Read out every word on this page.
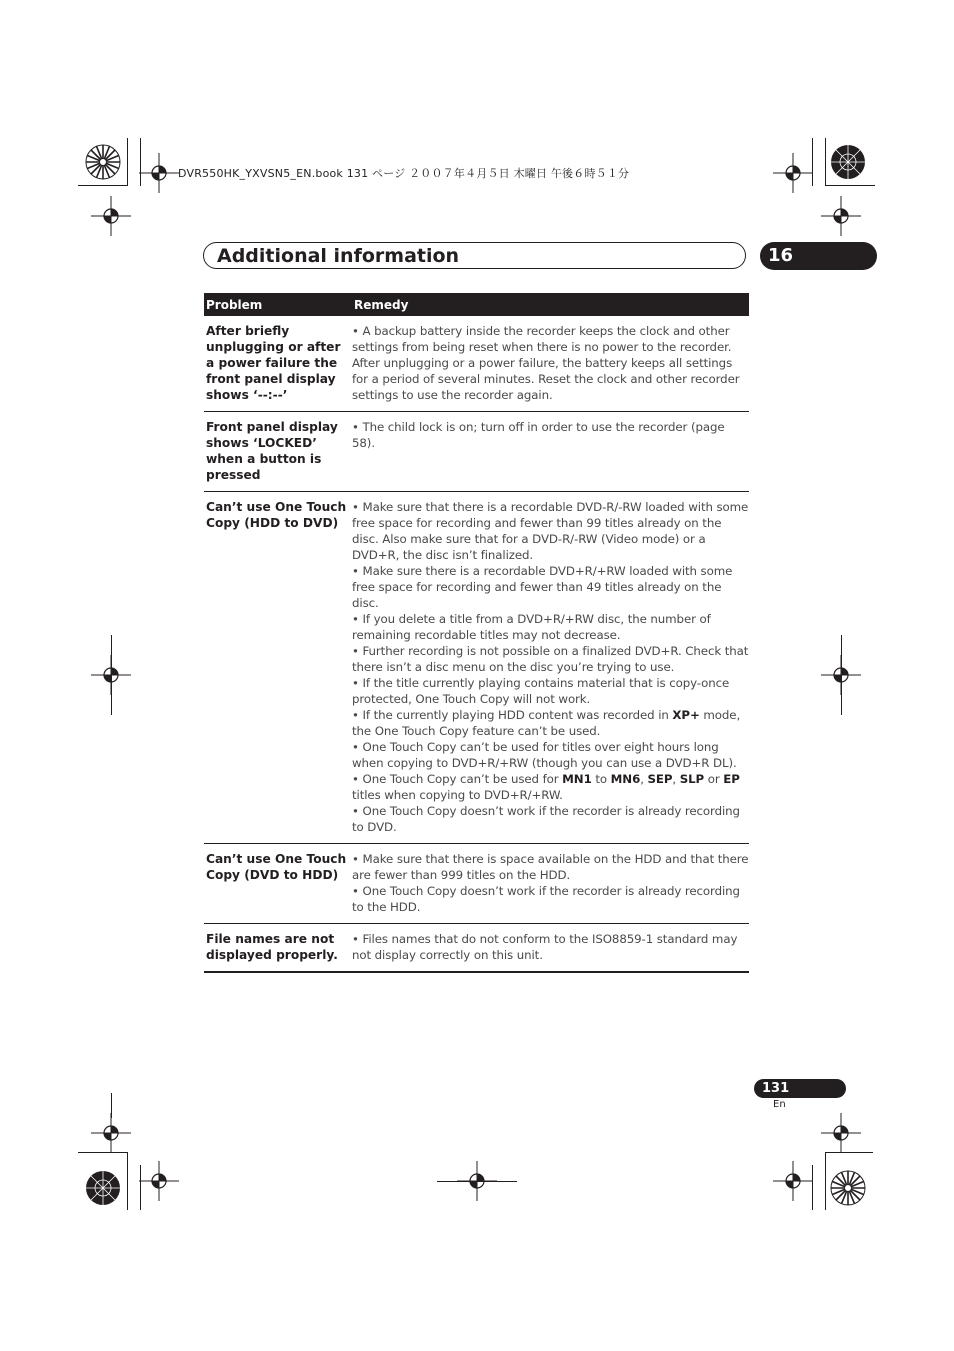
DVR550HK_YXVSN5_EN.book 131 ページ ２００７年４月５日 木曜日 午後６時５１分
Additional information	16
Problem	Remedy
After briefly unplugging or after a power failure the front panel display shows ‘--:--’

• A backup battery inside the recorder keeps the clock and other settings from being reset when there is no power to the recorder. After unplugging or a power failure, the battery keeps all settings for a period of several minutes. Reset the clock and other recorder settings to use the recorder again.

Front panel display shows ‘LOCKED’ when a button is pressed

• The child lock is on; turn off in order to use the recorder (page 58).

Can’t use One Touch Copy (HDD to DVD)

• Make sure that there is a recordable DVD-R/-RW loaded with some free space for recording and fewer than 99 titles already on the disc. Also make sure that for a DVD-R/-RW (Video mode) or a DVD+R, the disc isn’t finalized.

• Make sure there is a recordable DVD+R/+RW loaded with some free space for recording and fewer than 49 titles already on the disc.

• If you delete a title from a DVD+R/+RW disc, the number of remaining recordable titles may not decrease.

• Further recording is not possible on a finalized DVD+R. Check that there isn’t a disc menu on the disc you’re trying to use.

• If the title currently playing contains material that is copy-once protected, One Touch Copy will not work.

• If the currently playing HDD content was recorded in XP+ mode, the One Touch Copy feature can’t be used.

• One Touch Copy can’t be used for titles over eight hours long when copying to DVD+R/+RW (though you can use a DVD+R DL).

• One Touch Copy can’t be used for MN1 to MN6, SEP, SLP or EP titles when copying to DVD+R/+RW.

• One Touch Copy doesn’t work if the recorder is already recording to DVD.

Can’t use One Touch Copy (DVD to HDD)

• Make sure that there is space available on the HDD and that there are fewer than 999 titles on the HDD.

• One Touch Copy doesn’t work if the recorder is already recording to the HDD.

File names are not displayed properly.

• Files names that do not conform to the ISO8859-1 standard may not display correctly on this unit.

131
En
